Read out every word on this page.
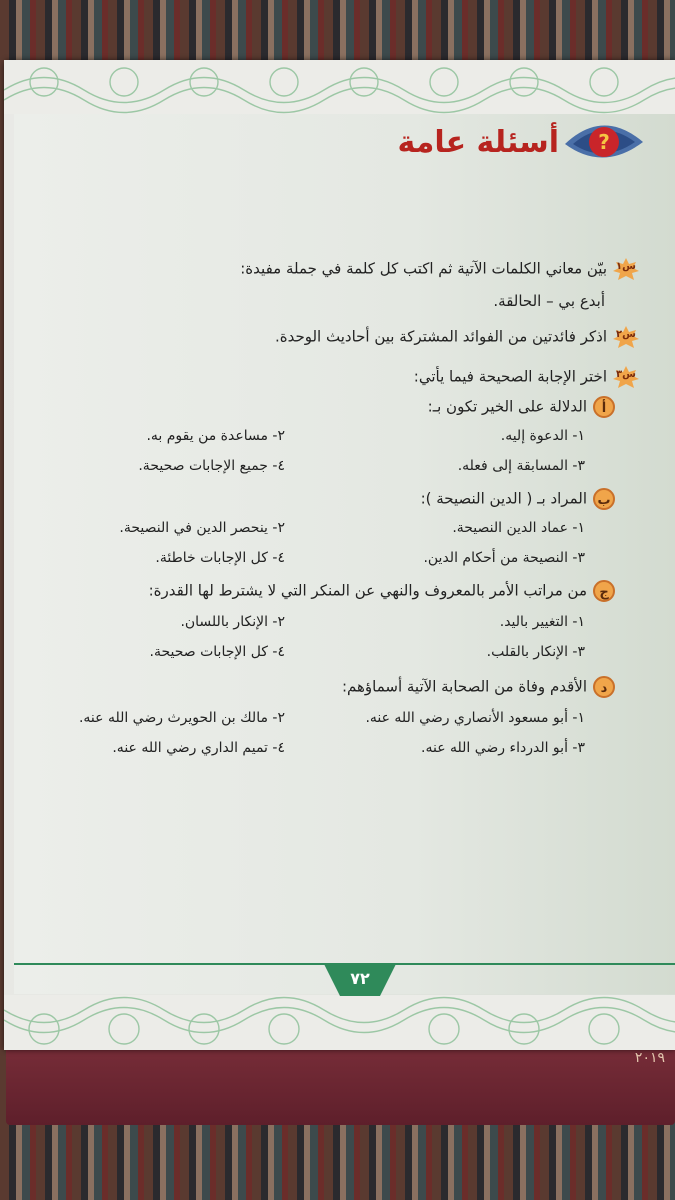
٢٠١٩
٧٢
?
أسئلة عامة
س١
بيّن معاني الكلمات الآتية ثم اكتب كل كلمة في جملة مفيدة:
أبدع بي – الحالقة.
س٢
اذكر فائدتين من الفوائد المشتركة بين أحاديث الوحدة.
س٣
اختر الإجابة الصحيحة فيما يأتي:
أالدلالة على الخير تكون بـ:
١- الدعوة إليه.
٢- مساعدة من يقوم به.
٣- المسابقة إلى فعله.
٤- جميع الإجابات صحيحة.
بالمراد بـ ( الدين النصيحة ):
١- عماد الدين النصيحة.
٢- ينحصر الدين في النصيحة.
٣- النصيحة من أحكام الدين.
٤- كل الإجابات خاطئة.
جمن مراتب الأمر بالمعروف والنهي عن المنكر التي لا يشترط لها القدرة:
١- التغيير باليد.
٢- الإنكار باللسان.
٣- الإنكار بالقلب.
٤- كل الإجابات صحيحة.
دالأقدم وفاة من الصحابة الآتية أسماؤهم:
١- أبو مسعود الأنصاري رضي الله عنه.
٢- مالك بن الحويرث رضي الله عنه.
٣- أبو الدرداء رضي الله عنه.
٤- تميم الداري رضي الله عنه.
